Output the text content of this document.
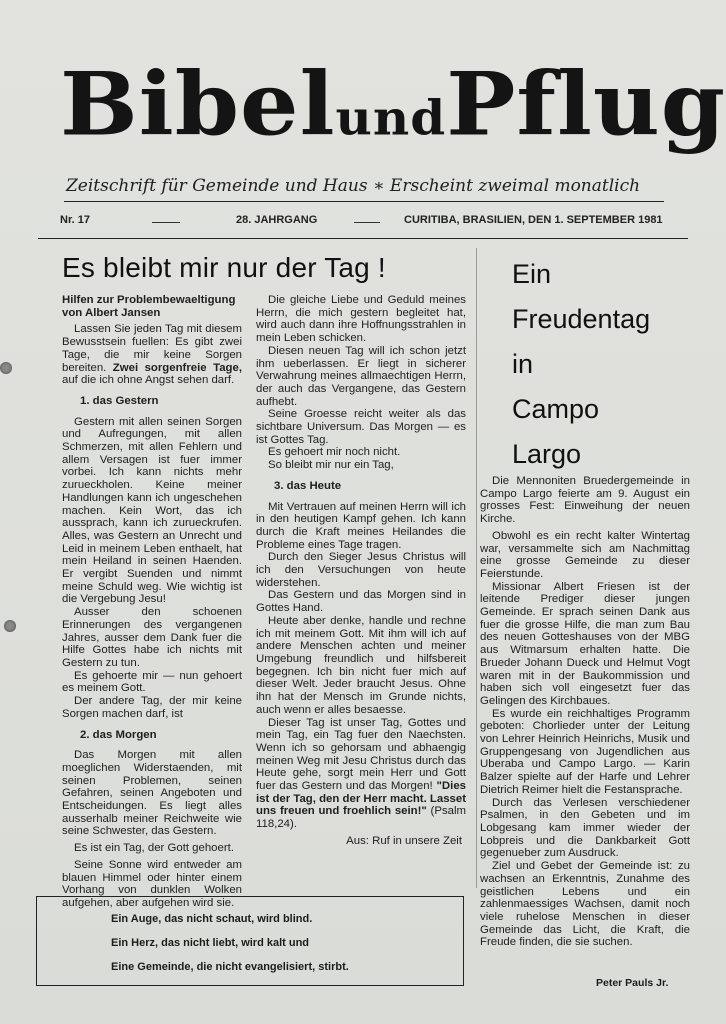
BibelundPflug
Zeitschrift für Gemeinde und Haus ∗ Erscheint zweimal monatlich
Nr. 17	28. JAHRGANG	CURITIBA, BRASILIEN, DEN 1. SEPTEMBER 1981
Es bleibt mir nur der Tag !

Hilfen zur Problembewaeltigung

von Albert Jansen

Lassen Sie jeden Tag mit diesem Bewusstsein fuellen: Es gibt zwei Tage, die mir keine Sorgen bereiten. Zwei sorgenfreie Tage, auf die ich ohne Angst sehen darf.

1. das Gestern

Gestern mit allen seinen Sorgen und Aufregungen, mit allen Schmerzen, mit allen Fehlern und allem Versagen ist fuer immer vorbei. Ich kann nichts mehr zurueckholen. Keine meiner Handlungen kann ich ungeschehen machen. Kein Wort, das ich aussprach, kann ich zurueckrufen. Alles, was Gestern an Unrecht und Leid in meinem Leben enthaelt, hat mein Heiland in seinen Haenden. Er vergibt Suenden und nimmt meine Schuld weg. Wie wichtig ist die Vergebung Jesu!

Ausser den schoenen Erinnerungen des vergangenen Jahres, ausser dem Dank fuer die Hilfe Gottes habe ich nichts mit Gestern zu tun.

Es gehoerte mir — nun gehoert es meinem Gott.

Der andere Tag, der mir keine Sorgen machen darf, ist

2. das Morgen

Das Morgen mit allen moeglichen Widerstaenden, mit seinen Problemen, seinen Gefahren, seinen Angeboten und Entscheidungen. Es liegt alles ausserhalb meiner Reichweite wie seine Schwester, das Gestern.

Es ist ein Tag, der Gott gehoert.

Seine Sonne wird entweder am blauen Himmel oder hinter einem Vorhang von dunklen Wolken aufgehen, aber aufgehen wird sie.

Die gleiche Liebe und Geduld meines Herrn, die mich gestern begleitet hat, wird auch dann ihre Hoffnungsstrahlen in mein Leben schicken.

Diesen neuen Tag will ich schon jetzt ihm ueberlassen. Er liegt in sicherer Verwahrung meines allmaechtigen Herrn, der auch das Vergangene, das Gestern aufhebt.

Seine Groesse reicht weiter als das sichtbare Universum. Das Morgen — es ist Gottes Tag.

Es gehoert mir noch nicht.

So bleibt mir nur ein Tag,

3. das Heute

Mit Vertrauen auf meinen Herrn will ich in den heutigen Kampf gehen. Ich kann durch die Kraft meines Heilandes die Probleme eines Tage tragen.

Durch den Sieger Jesus Christus will ich den Versuchungen von heute widerstehen.

Das Gestern und das Morgen sind in Gottes Hand.

Heute aber denke, handle und rechne ich mit meinem Gott. Mit ihm will ich auf andere Menschen achten und meiner Umgebung freundlich und hilfsbereit begegnen. Ich bin nicht fuer mich auf dieser Welt. Jeder braucht Jesus. Ohne ihn hat der Mensch im Grunde nichts, auch wenn er alles besaesse.

Dieser Tag ist unser Tag, Gottes und mein Tag, ein Tag fuer den Naechsten. Wenn ich so gehorsam und abhaengig meinen Weg mit Jesu Christus durch das Heute gehe, sorgt mein Herr und Gott fuer das Gestern und das Morgen! "Dies ist der Tag, den der Herr macht. Lasset uns freuen und froehlich sein!" (Psalm 118,24).

Aus: Ruf in unsere Zeit

Ein
Freudentag
in
Campo
Largo

Die Mennoniten Bruedergemeinde in Campo Largo feierte am 9. August ein grosses Fest: Einweihung der neuen Kirche.

Obwohl es ein recht kalter Wintertag war, versammelte sich am Nachmittag eine grosse Gemeinde zu dieser Feierstunde.

Missionar Albert Friesen ist der leitende Prediger dieser jungen Gemeinde. Er sprach seinen Dank aus fuer die grosse Hilfe, die man zum Bau des neuen Gotteshauses von der MBG aus Witmarsum erhalten hatte. Die Brueder Johann Dueck und Helmut Vogt waren mit in der Baukommission und haben sich voll eingesetzt fuer das Gelingen des Kirchbaues.

Es wurde ein reichhaltiges Programm geboten: Chorlieder unter der Leitung von Lehrer Heinrich Heinrichs, Musik und Gruppengesang von Jugendlichen aus Uberaba und Campo Largo. — Karin Balzer spielte auf der Harfe und Lehrer Dietrich Reimer hielt die Festansprache.

Durch das Verlesen verschiedener Psalmen, in den Gebeten und im Lobgesang kam immer wieder der Lobpreis und die Dankbarkeit Gott gegenueber zum Ausdruck.

Ziel und Gebet der Gemeinde ist: zu wachsen an Erkenntnis, Zunahme des geistlichen Lebens und ein zahlenmaessiges Wachsen, damit noch viele ruhelose Menschen in dieser Gemeinde das Licht, die Kraft, die Freude finden, die sie suchen.

Peter Pauls Jr.
Ein Auge, das nicht schaut, wird blind.
Ein Herz, das nicht liebt, wird kalt und
Eine Gemeinde, die nicht evangelisiert, stirbt.
